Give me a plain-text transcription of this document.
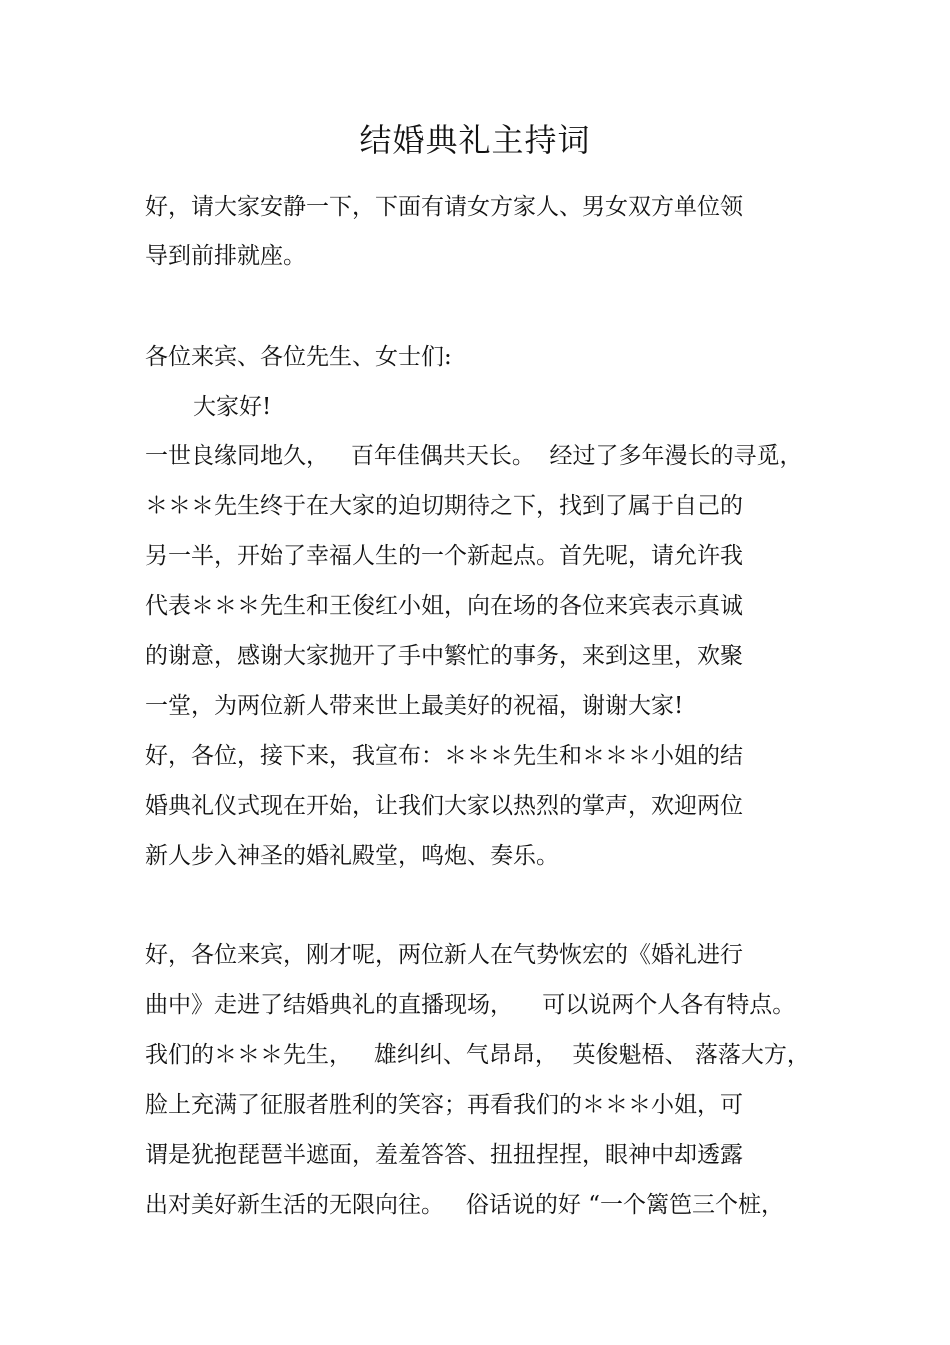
结婚典礼主持词

好，请大家安静一下，下面有请女方家人、男女双方单位领

导到前排就座。

各位来宾、各位先生、女士们:

大家好!

一世良缘同地久，   百年佳偶共天长。  经过了多年漫长的寻觅，

＊＊＊先生终于在大家的迫切期待之下，找到了属于自己的

另一半，开始了幸福人生的一个新起点。首先呢，请允许我

代表＊＊＊先生和王俊红小姐，向在场的各位来宾表示真诚

的谢意，感谢大家抛开了手中繁忙的事务，来到这里，欢聚

一堂，为两位新人带来世上最美好的祝福，谢谢大家!

好，各位，接下来，我宣布：＊＊＊先生和＊＊＊小姐的结

婚典礼仪式现在开始，让我们大家以热烈的掌声，欢迎两位

新人步入神圣的婚礼殿堂，鸣炮、奏乐。

好，各位来宾，刚才呢，两位新人在气势恢宏的《婚礼进行

曲中》走进了结婚典礼的直播现场，    可以说两个人各有特点。

我们的＊＊＊先生，   雄纠纠、气昂昂，  英俊魁梧、 落落大方，

脸上充满了征服者胜利的笑容；再看我们的＊＊＊小姐，可

谓是犹抱琵琶半遮面，羞羞答答、扭扭捏捏，眼神中却透露

出对美好新生活的无限向往。   俗话说的好 “一个篱笆三个桩，
